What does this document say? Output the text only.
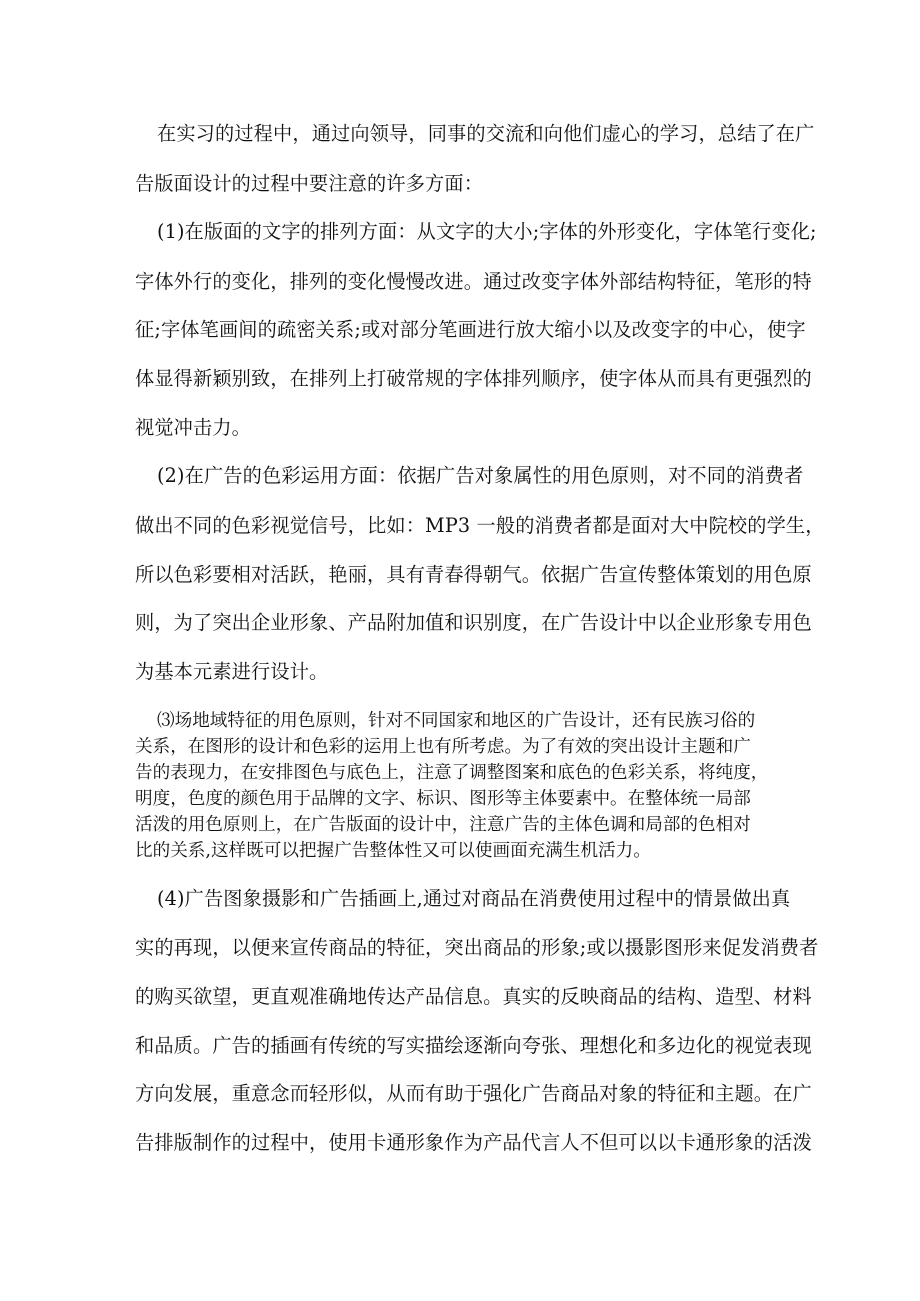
在实习的过程中，通过向领导，同事的交流和向他们虚心的学习，总结了在广
告版面设计的过程中要注意的许多方面：
(1)在版面的文字的排列方面：从文字的大小;字体的外形变化，字体笔行变化;
字体外行的变化，排列的变化慢慢改进。通过改变字体外部结构特征，笔形的特
征;字体笔画间的疏密关系;或对部分笔画进行放大缩小以及改变字的中心，使字
体显得新颖别致，在排列上打破常规的字体排列顺序，使字体从而具有更强烈的
视觉冲击力。
(2)在广告的色彩运用方面：依据广告对象属性的用色原则，对不同的消费者
做出不同的色彩视觉信号，比如：MP3 一般的消费者都是面对大中院校的学生，
所以色彩要相对活跃，艳丽，具有青春得朝气。依据广告宣传整体策划的用色原
则，为了突出企业形象、产品附加值和识别度，在广告设计中以企业形象专用色
为基本元素进行设计。
⑶场地域特征的用色原则，针对不同国家和地区的广告设计，还有民族习俗的
关系，在图形的设计和色彩的运用上也有所考虑。为了有效的突出设计主题和广
告的表现力，在安排图色与底色上，注意了调整图案和底色的色彩关系，将纯度，
明度，色度的颜色用于品牌的文字、标识、图形等主体要素中。在整体统一局部
活泼的用色原则上，在广告版面的设计中，注意广告的主体色调和局部的色相对
比的关系,这样既可以把握广告整体性又可以使画面充满生机活力。
(4)广告图象摄影和广告插画上,通过对商品在消费使用过程中的情景做出真
实的再现，以便来宣传商品的特征，突出商品的形象;或以摄影图形来促发消费者
的购买欲望，更直观准确地传达产品信息。真实的反映商品的结构、造型、材料
和品质。广告的插画有传统的写实描绘逐渐向夸张、理想化和多边化的视觉表现
方向发展，重意念而轻形似，从而有助于强化广告商品对象的特征和主题。在广
告排版制作的过程中，使用卡通形象作为产品代言人不但可以以卡通形象的活泼
